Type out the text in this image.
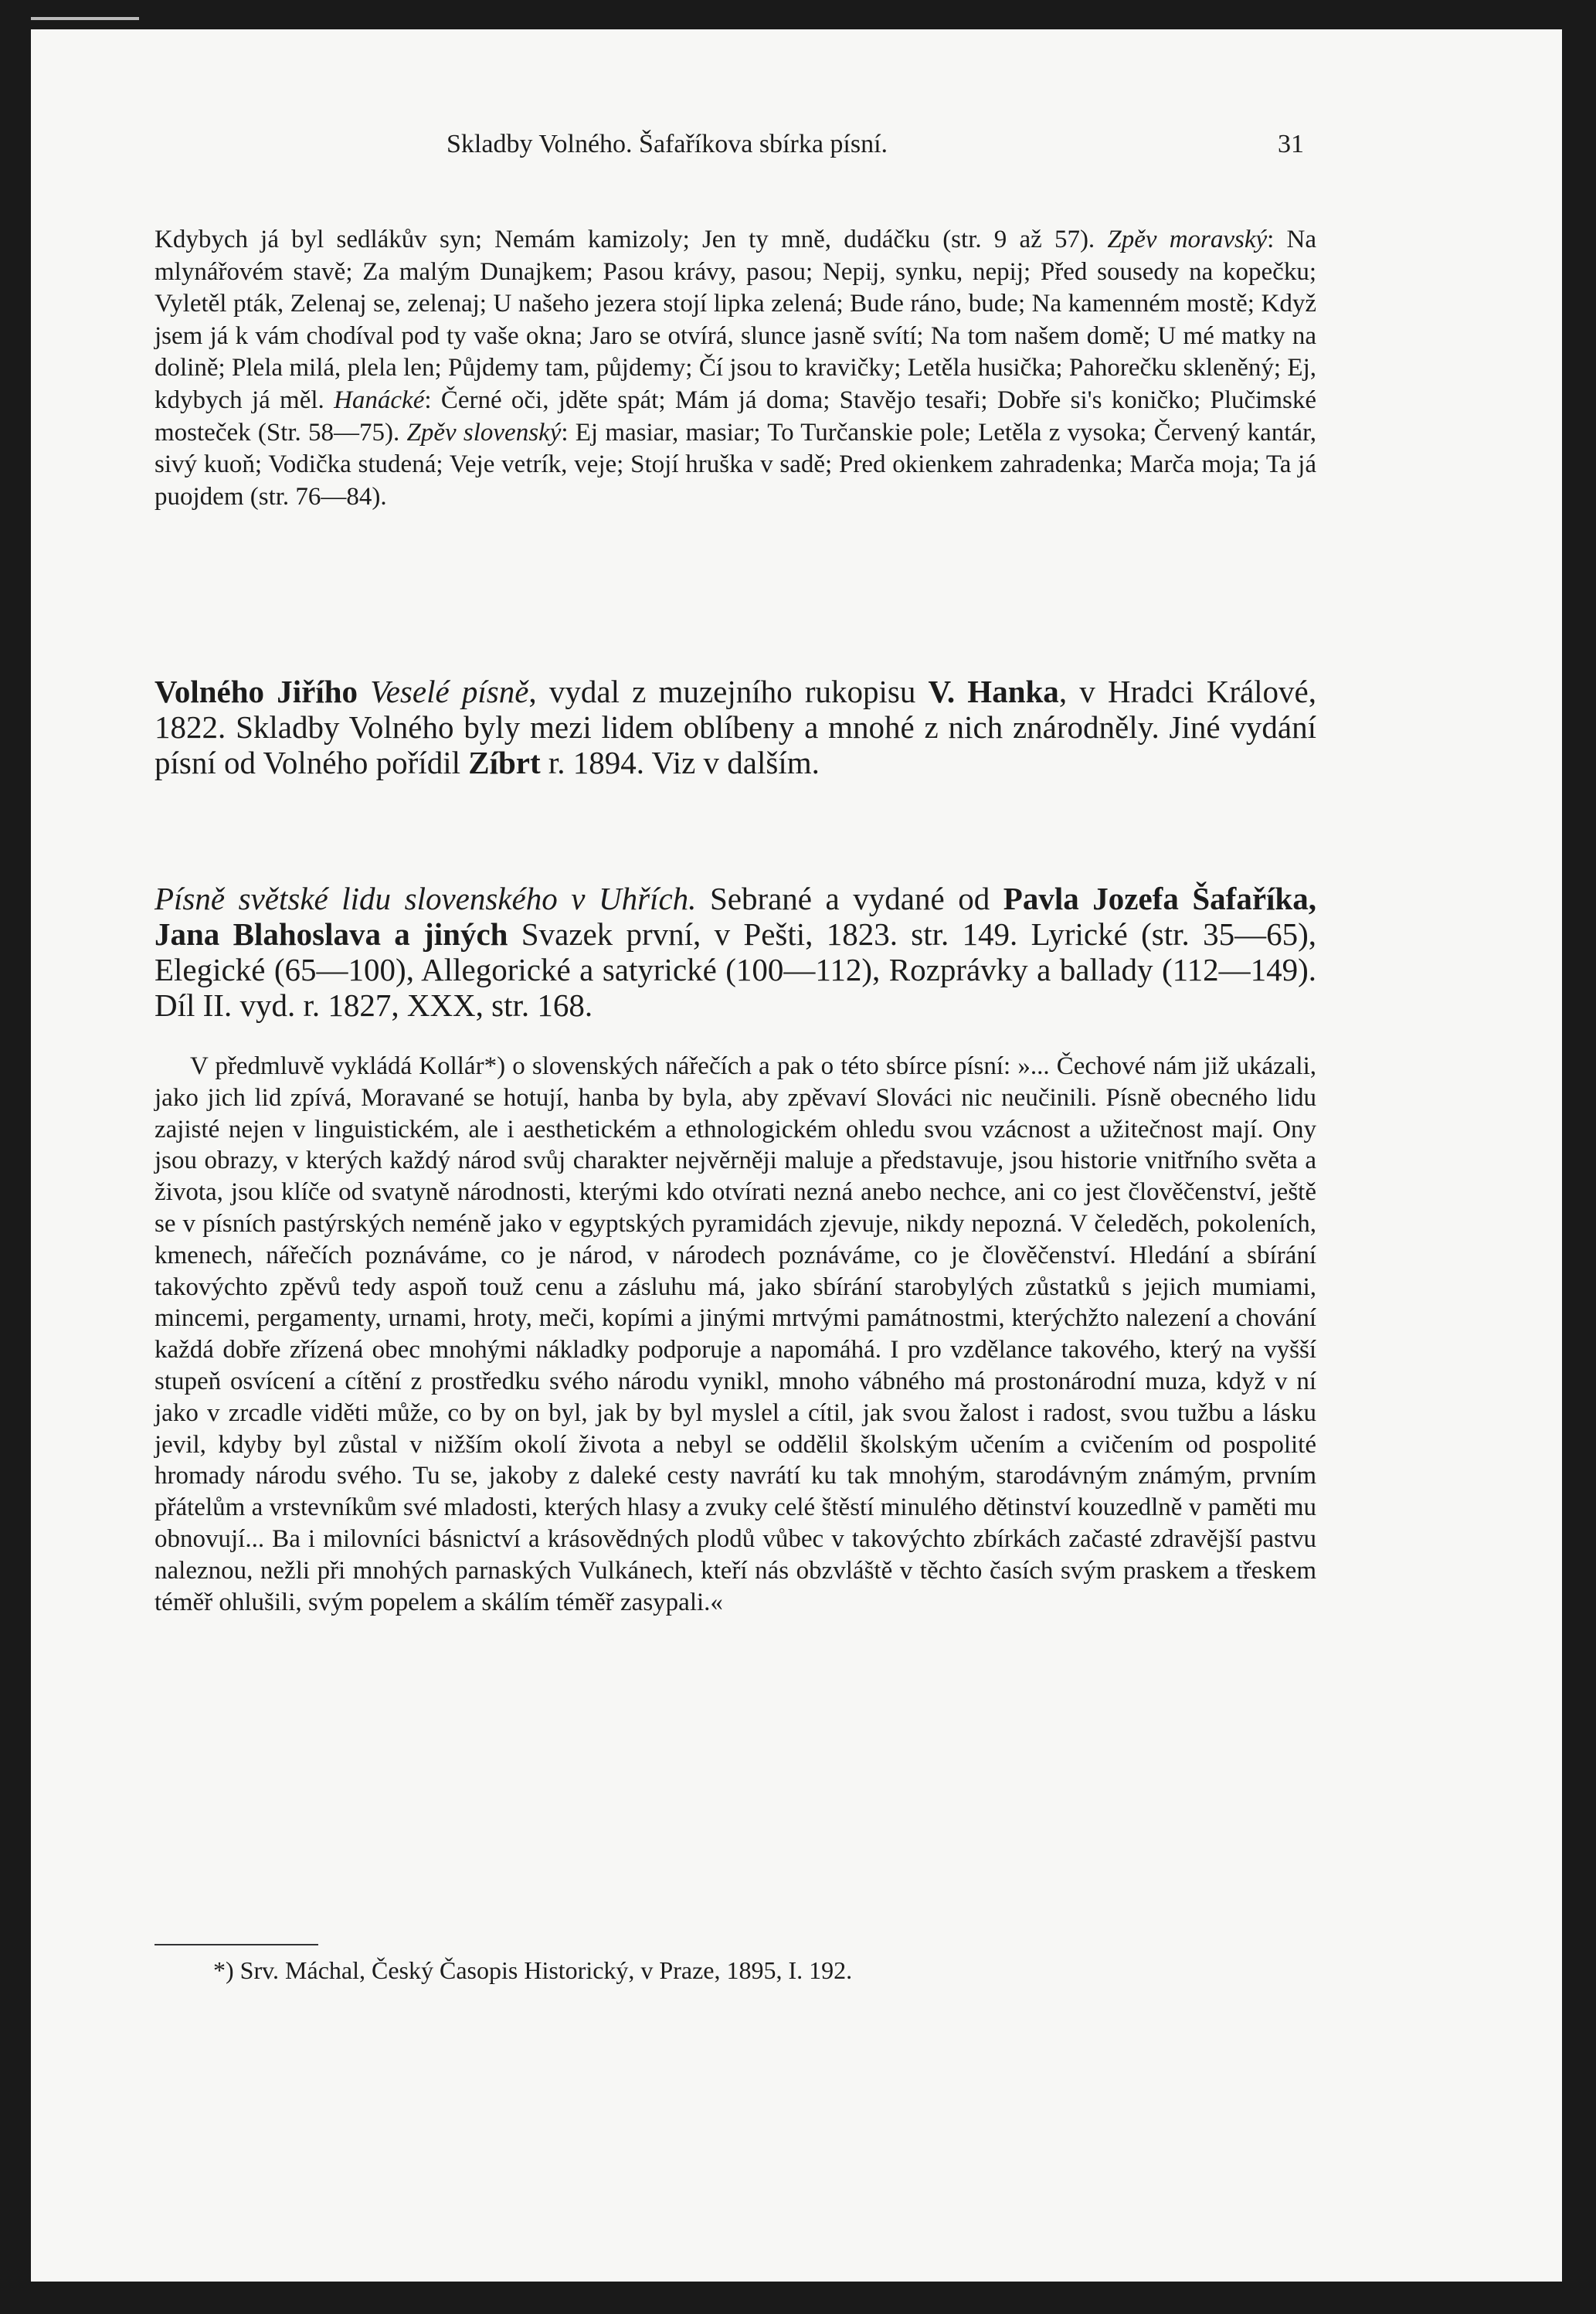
Skladby Volného. Šafaříkova sbírka písní.	31
Kdybych já byl sedlákův syn; Nemám kamizoly; Jen ty mně, dudáčku (str. 9 až 57). Zpěv moravský: Na mlynářovém stavě; Za malým Dunajkem; Pasou krávy, pasou; Nepij, synku, nepij; Před sousedy na kopečku; Vyletěl pták, Zelenaj se, zelenaj; U našeho jezera stojí lipka zelená; Bude ráno, bude; Na kamenném mostě; Když jsem já k vám chodíval pod ty vaše okna; Jaro se otvírá, slunce jasně svítí; Na tom našem domě; U mé matky na dolině; Plela milá, plela len; Půjdemy tam, půjdemy; Čí jsou to kravičky; Letěla husička; Pahorečku skleněný; Ej, kdybych já měl. Hanácké: Černé oči, jděte spát; Mám já doma; Stavějo tesaři; Dobře si's koničko; Plučimské mosteček (Str. 58—75). Zpěv slovenský: Ej masiar, masiar; To Turčanskie pole; Letěla z vysoka; Červený kantár, sivý kuoň; Vodička studená; Veje vetrík, veje; Stojí hruška v sadě; Pred okienkem zahradenka; Marča moja; Ta já puojdem (str. 76—84).
Volného Jiřího Veselé písně, vydal z muzejního rukopisu V. Hanka, v Hradci Králové, 1822. Skladby Volného byly mezi lidem oblíbeny a mnohé z nich znárodněly. Jiné vydání písní od Volného pořídil Zíbrt r. 1894. Viz v dalším.
Písně světské lidu slovenského v Uhřích. Sebrané a vydané od Pavla Jozefa Šafaříka, Jana Blahoslava a jiných Svazek první, v Pešti, 1823. str. 149. Lyrické (str. 35—65), Elegické (65—100), Allegorické a satyrické (100—112), Rozprávky a ballady (112—149). Díl II. vyd. r. 1827, XXX, str. 168.
V předmluvě vykládá Kollár*) o slovenských nářečích a pak o této sbírce písní: »... Čechové nám již ukázali, jako jich lid zpívá, Moravané se hotují, hanba by byla, aby zpěvaví Slováci nic neučinili. Písně obecného lidu zajisté nejen v linguistickém, ale i aesthetickém a ethnologickém ohledu svou vzácnost a užitečnost mají. Ony jsou obrazy, v kterých každý národ svůj charakter nejvěrněji maluje a představuje, jsou historie vnitřního světa a života, jsou klíče od svatyně národnosti, kterými kdo otvírati nezná anebo nechce, ani co jest člověčenství, ještě se v písních pastýrských neméně jako v egyptských pyramidách zjevuje, nikdy nepozná. V čeleděch, pokoleních, kmenech, nářečích poznáváme, co je národ, v národech poznáváme, co je člověčenství. Hledání a sbírání takovýchto zpěvů tedy aspoň touž cenu a zásluhu má, jako sbírání starobylých zůstatků s jejich mumiami, mincemi, pergamenty, urnami, hroty, meči, kopími a jinými mrtvými památnostmi, kterýchžto nalezení a chování každá dobře zřízená obec mnohými nákladky podporuje a napomáhá. I pro vzdělance takového, který na vyšší stupeň osvícení a cítění z prostředku svého národu vynikl, mnoho vábného má prostonárodní muza, když v ní jako v zrcadle viděti může, co by on byl, jak by byl myslel a cítil, jak svou žalost i radost, svou tužbu a lásku jevil, kdyby byl zůstal v nižším okolí života a nebyl se oddělil školským učením a cvičením od pospolité hromady národu svého. Tu se, jakoby z daleké cesty navrátí ku tak mnohým, starodávným známým, prvním přátelům a vrstevníkům své mladosti, kterých hlasy a zvuky celé štěstí minulého dětinství kouzedlně v paměti mu obnovují... Ba i milovníci básnictví a krásovědných plodů vůbec v takovýchto zbírkách začasté zdravější pastvu naleznou, nežli při mnohých parnaských Vulkánech, kteří nás obzvláště v těchto časích svým praskem a třeskem téměř ohlušili, svým popelem a skálím téměř zasypali.«
*) Srv. Máchal, Český Časopis Historický, v Praze, 1895, I. 192.
